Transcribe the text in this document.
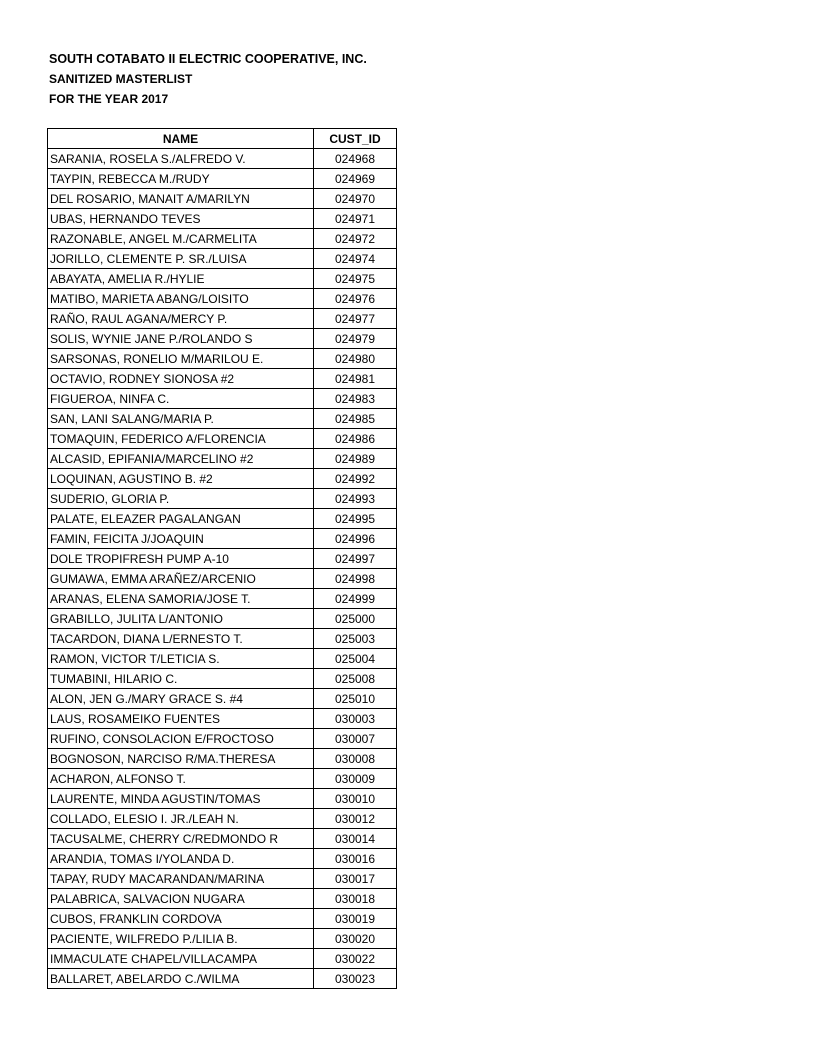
SOUTH COTABATO II ELECTRIC COOPERATIVE, INC.
SANITIZED MASTERLIST
FOR THE YEAR 2017
NAME	CUST_ID
SARANIA, ROSELA S./ALFREDO V.	024968
TAYPIN, REBECCA M./RUDY	024969
DEL ROSARIO, MANAIT A/MARILYN	024970
UBAS, HERNANDO TEVES	024971
RAZONABLE, ANGEL M./CARMELITA	024972
JORILLO, CLEMENTE P. SR./LUISA	024974
ABAYATA, AMELIA R./HYLIE	024975
MATIBO, MARIETA ABANG/LOISITO	024976
RAÑO, RAUL AGANA/MERCY P.	024977
SOLIS, WYNIE JANE P./ROLANDO S	024979
SARSONAS, RONELIO M/MARILOU E.	024980
OCTAVIO, RODNEY SIONOSA #2	024981
FIGUEROA, NINFA C.	024983
SAN, LANI SALANG/MARIA P.	024985
TOMAQUIN, FEDERICO A/FLORENCIA	024986
ALCASID, EPIFANIA/MARCELINO #2	024989
LOQUINAN, AGUSTINO B. #2	024992
SUDERIO, GLORIA P.	024993
PALATE, ELEAZER PAGALANGAN	024995
FAMIN, FEICITA J/JOAQUIN	024996
DOLE TROPIFRESH PUMP A-10	024997
GUMAWA, EMMA ARAÑEZ/ARCENIO	024998
ARANAS, ELENA SAMORIA/JOSE T.	024999
GRABILLO, JULITA L/ANTONIO	025000
TACARDON, DIANA L/ERNESTO T.	025003
RAMON, VICTOR T/LETICIA S.	025004
TUMABINI, HILARIO C.	025008
ALON, JEN G./MARY GRACE S. #4	025010
LAUS, ROSAMEIKO FUENTES	030003
RUFINO, CONSOLACION E/FROCTOSO	030007
BOGNOSON, NARCISO R/MA.THERESA	030008
ACHARON, ALFONSO T.	030009
LAURENTE, MINDA AGUSTIN/TOMAS	030010
COLLADO, ELESIO I. JR./LEAH N.	030012
TACUSALME, CHERRY C/REDMONDO R	030014
ARANDIA, TOMAS I/YOLANDA D.	030016
TAPAY, RUDY MACARANDAN/MARINA	030017
PALABRICA, SALVACION NUGARA	030018
CUBOS, FRANKLIN CORDOVA	030019
PACIENTE, WILFREDO P./LILIA B.	030020
IMMACULATE CHAPEL/VILLACAMPA	030022
BALLARET, ABELARDO C./WILMA	030023
